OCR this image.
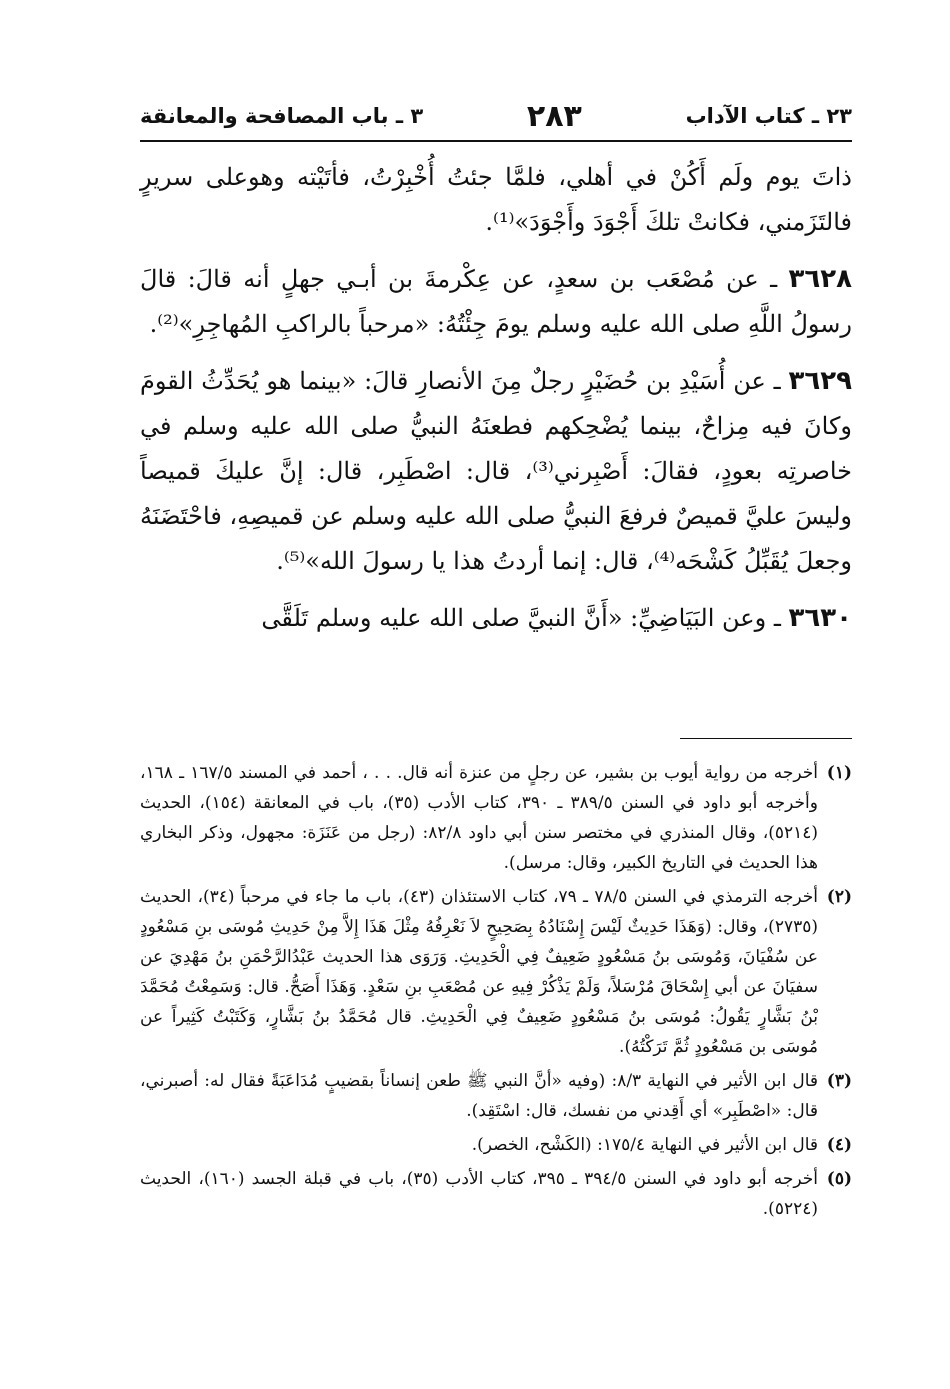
٢٣ ـ كتاب الآداب
٢٨٣
٣ ـ باب المصافحة والمعانقة

ذاتَ يوم ولَم أَكُنْ في أهلي، فلمَّا جئتُ أُخْبِرْتُ، فأتَيْته وهوعلى سريرٍ فالتَزَمني، فكانتْ تلكَ أَجْوَدَ وأَجْوَدَ»⁽¹⁾.

٣٦٢٨ ـ عن مُصْعَب بن سعدٍ، عن عِكْرمةَ بن أبـي جهلٍ أنه قالَ: قالَ رسولُ اللَّهِ صلى الله عليه وسلم يومَ جِئْتُهُ: «مرحباً بالراكبِ المُهاجِرِ»⁽²⁾.

٣٦٢٩ ـ عن أُسَيْدِ بن حُضَيْرٍ رجلٌ مِنَ الأنصارِ قالَ: «بينما هو يُحَدِّثُ القومَ وكانَ فيه مِزاحٌ، بينما يُضْحِكهم فطعنَهُ النبيُّ صلى الله عليه وسلم في خاصرتِه بعودٍ، فقالَ: أَصْبِرني⁽³⁾، قال: اصْطَبِر، قال: إنَّ عليكَ قميصاً وليسَ عليَّ قميصٌ فرفعَ النبيُّ صلى الله عليه وسلم عن قميصِهِ، فاحْتَضَنَهُ وجعلَ يُقَبِّلُ كَشْحَه⁽⁴⁾، قال: إنما أردتُ هذا يا رسولَ الله»⁽⁵⁾.

٣٦٣٠ ـ وعن البَيَاضِيِّ: «أَنَّ النبيَّ صلى الله عليه وسلم تَلَقَّى

(١)
أخرجه من رواية أيوب بن بشير، عن رجلٍ من عنزة أنه قال. . . ، أحمد في المسند ١٦٧/٥ ـ ١٦٨، وأخرجه أبو داود في السنن ٣٨٩/٥ ـ ٣٩٠، كتاب الأدب (٣٥)، باب في المعانقة (١٥٤)، الحديث (٥٢١٤)، وقال المنذري في مختصر سنن أبي داود ٨٢/٨: (رجل من عَنَزَة: مجهول، وذكر البخاري هذا الحديث في التاريخ الكبير، وقال: مرسل).
(٢)
أخرجه الترمذي في السنن ٧٨/٥ ـ ٧٩، كتاب الاستئذان (٤٣)، باب ما جاء في مرحباً (٣٤)، الحديث (٢٧٣٥)، وقال: (وَهَذَا حَدِيثٌ لَيْسَ إِسْنَادُهُ بِصَحِيحٍ لاَ نَعْرِفُهُ مِثْلَ هَذَا إِلاَّ مِنْ حَدِيثِ مُوسَى بنِ مَسْعُودٍ عن سُفْيَانَ، وَمُوسَى بنُ مَسْعُودٍ ضَعِيفٌ فِي الْحَدِيثِ. وَرَوَى هذا الحديث عَبْدُالرَّحْمَنِ بنُ مَهْدِيَ عن سفيَانَ عن أبي إِسْحَاقَ مُرْسَلاً، وَلَمْ يَذْكُرْ فِيهِ عن مُصْعَبِ بنِ سَعْدٍ. وَهَذَا أَصَحُّ. قال: وَسَمِعْتُ مُحَمَّدَ بْنُ بَشَّارٍ يَقُولُ: مُوسَى بنُ مَسْعُودٍ ضَعِيفٌ فِي الْحَدِيثِ. قال مُحَمَّدُ بنُ بَشَّارٍ، وَكَتَبْتُ كَثِيراً عن مُوسَى بن مَسْعُودٍ ثُمَّ تَرَكْتُهُ).
(٣)
قال ابن الأثير في النهاية ٨/٣: (وفيه «أنَّ النبي ﷺ طعن إنساناً بقضيبٍ مُدَاعَبَةً فقال له: أصبرني، قال: «اصْطَبِر» أي أَقِدني من نفسك، قال: اسْتَقِد).
(٤)
قال ابن الأثير في النهاية ١٧٥/٤: (الكَشْح، الخصر).
(٥)
أخرجه أبو داود في السنن ٣٩٤/٥ ـ ٣٩٥، كتاب الأدب (٣٥)، باب في قبلة الجسد (١٦٠)، الحديث (٥٢٢٤).
